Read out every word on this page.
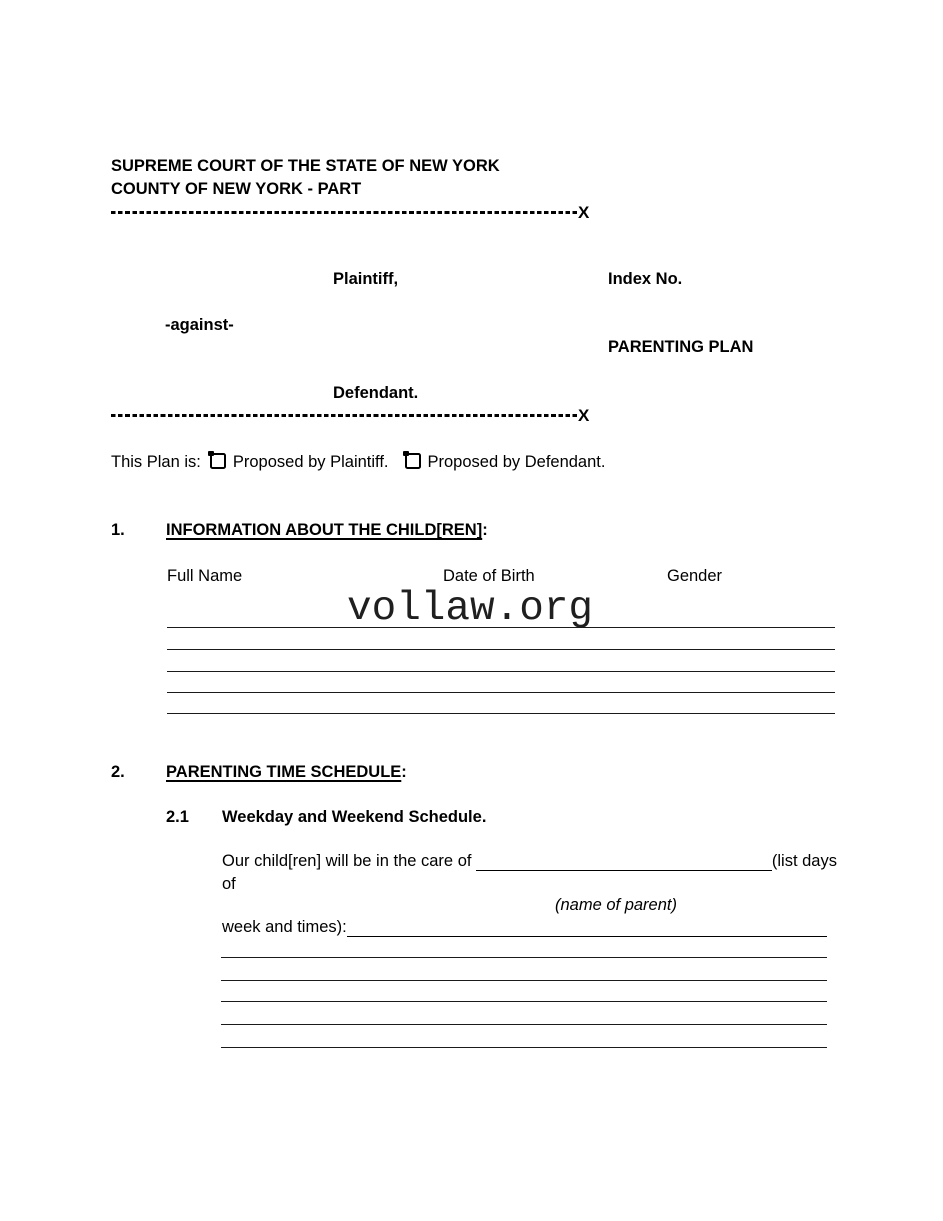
SUPREME COURT OF THE STATE OF NEW YORK
COUNTY OF NEW YORK - PART
X
Plaintiff,	Index No.
-against-
PARENTING PLAN
Defendant.
X
This Plan is: Proposed by Plaintiff. Proposed by Defendant.
1. INFORMATION ABOUT THE CHILD[REN]:
Full Name	Date of Birth	Gender
vollaw.org
2. PARENTING TIME SCHEDULE:
2.1 Weekday and Weekend Schedule.
Our child[ren] will be in the care of	(list days
of
(name of parent)
week and times):
